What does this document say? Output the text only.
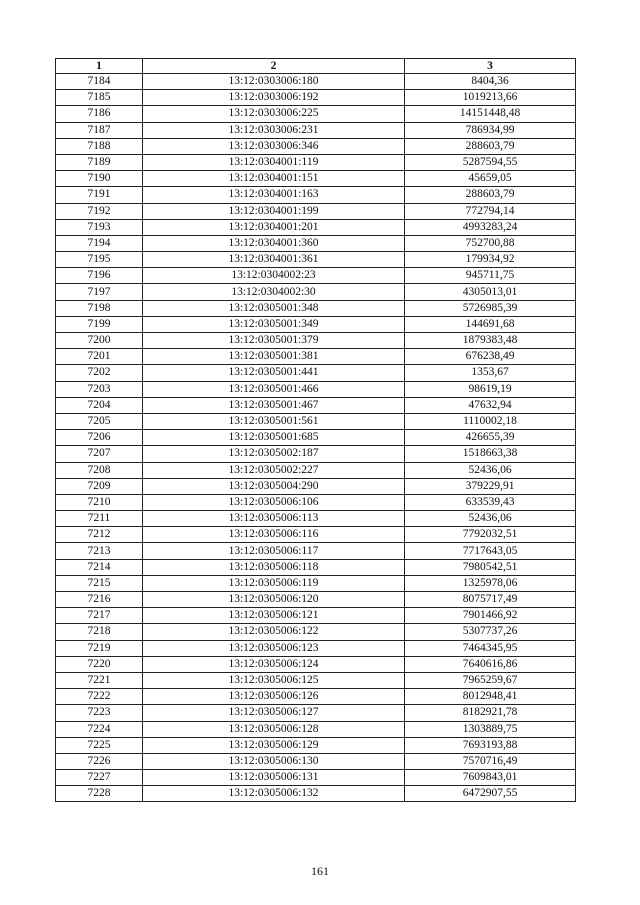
1	2	3
7184	13:12:0303006:180	8404,36
7185	13:12:0303006:192	1019213,66
7186	13:12:0303006:225	14151448,48
7187	13:12:0303006:231	786934,99
7188	13:12:0303006:346	288603,79
7189	13:12:0304001:119	5287594,55
7190	13:12:0304001:151	45659,05
7191	13:12:0304001:163	288603,79
7192	13:12:0304001:199	772794,14
7193	13:12:0304001:201	4993283,24
7194	13:12:0304001:360	752700,88
7195	13:12:0304001:361	179934,92
7196	13:12:0304002:23	945711,75
7197	13:12:0304002:30	4305013,01
7198	13:12:0305001:348	5726985,39
7199	13:12:0305001:349	144691,68
7200	13:12:0305001:379	1879383,48
7201	13:12:0305001:381	676238,49
7202	13:12:0305001:441	1353,67
7203	13:12:0305001:466	98619,19
7204	13:12:0305001:467	47632,94
7205	13:12:0305001:561	1110002,18
7206	13:12:0305001:685	426655,39
7207	13:12:0305002:187	1518663,38
7208	13:12:0305002:227	52436,06
7209	13:12:0305004:290	379229,91
7210	13:12:0305006:106	633539,43
7211	13:12:0305006:113	52436,06
7212	13:12:0305006:116	7792032,51
7213	13:12:0305006:117	7717643,05
7214	13:12:0305006:118	7980542,51
7215	13:12:0305006:119	1325978,06
7216	13:12:0305006:120	8075717,49
7217	13:12:0305006:121	7901466,92
7218	13:12:0305006:122	5307737,26
7219	13:12:0305006:123	7464345,95
7220	13:12:0305006:124	7640616,86
7221	13:12:0305006:125	7965259,67
7222	13:12:0305006:126	8012948,41
7223	13:12:0305006:127	8182921,78
7224	13:12:0305006:128	1303889,75
7225	13:12:0305006:129	7693193,88
7226	13:12:0305006:130	7570716,49
7227	13:12:0305006:131	7609843,01
7228	13:12:0305006:132	6472907,55
161
